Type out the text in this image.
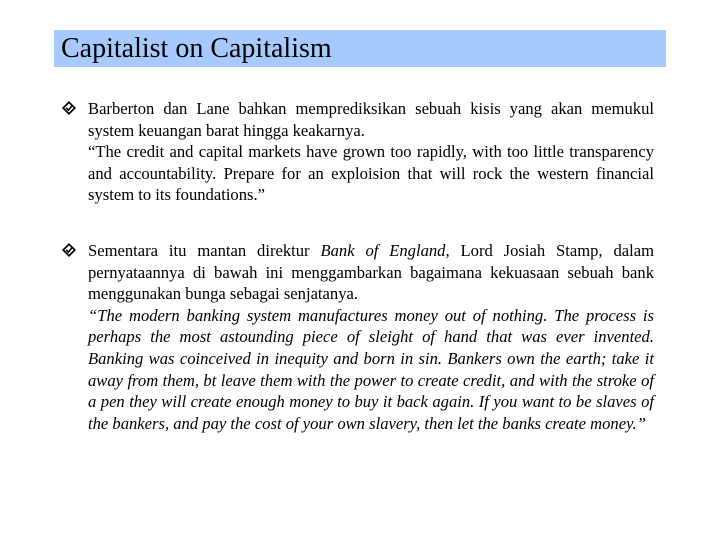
Capitalist on Capitalism

Barberton dan Lane bahkan memprediksikan sebuah kisis yang akan memukul system keuangan barat hingga keakarnya.

“The credit and capital markets have grown too rapidly, with too little transparency and accountability. Prepare for an exploision that will rock the western financial system to its foundations.”

Sementara itu mantan direktur Bank of England, Lord Josiah Stamp, dalam pernyataannya di bawah ini menggambarkan bagaimana kekuasaan sebuah bank menggunakan bunga sebagai senjatanya.

“The modern banking system manufactures money out of nothing. The process is perhaps the most astounding piece of sleight of hand that was ever invented. Banking was coinceived in inequity and born in sin. Bankers own the earth; take it away from them, bt leave them with the power to create credit, and with the stroke of a pen they will create enough money to buy it back again. If you want to be slaves of the bankers, and pay the cost of your own slavery, then let the banks create money.”
